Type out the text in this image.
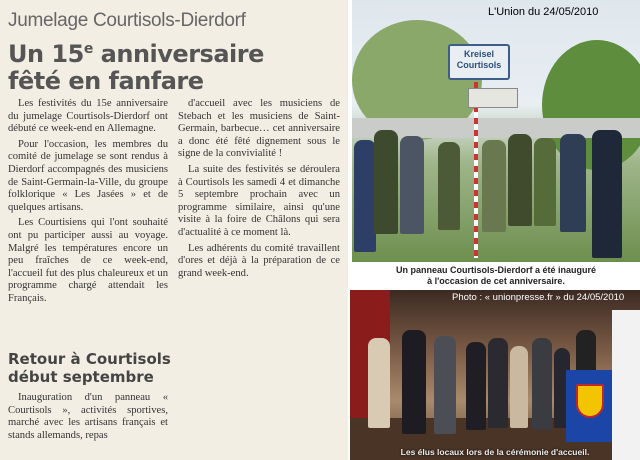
Jumelage Courtisols-Dierdorf
Un 15e anniversaire
fêté en fanfare

Les festivités du 15e anniversaire du jumelage Courtisols-Dierdorf ont débuté ce week-end en Allemagne.

Pour l'occasion, les membres du comité de jumelage se sont rendus à Dierdorf accompagnés des musiciens de Saint-Germain-la-Ville, du groupe folklorique « Les Jasées » et de quelques artisans.

Les Courtisiens qui l'ont souhaité ont pu participer aussi au voyage. Malgré les températures encore un peu fraîches de ce week-end, l'accueil fut des plus chaleureux et un programme chargé attendait les Français.

Retour à Courtisols début septembre

Inauguration d'un panneau « Courtisols », activités sportives, marché avec les artisans français et stands allemands, repas

d'accueil avec les musiciens de Stebach et les musiciens de Saint-Germain, barbecue… cet anniversaire a donc été fêté dignement sous le signe de la convivialité !

La suite des festivités se déroulera à Courtisols les samedi 4 et dimanche 5 septembre prochain avec un programme similaire, ainsi qu'une visite à la foire de Châlons qui sera d'actualité à ce moment là.

Les adhérents du comité travaillent d'ores et déjà à la préparation de ce grand week-end.

L'Union du 24/05/2010
Kreisel
Courtisols
Un panneau Courtisols-Dierdorf a été inauguré
à l'occasion de cet anniversaire.
Photo : « unionpresse.fr » du 24/05/2010
Les élus locaux lors de la cérémonie d'accueil.
